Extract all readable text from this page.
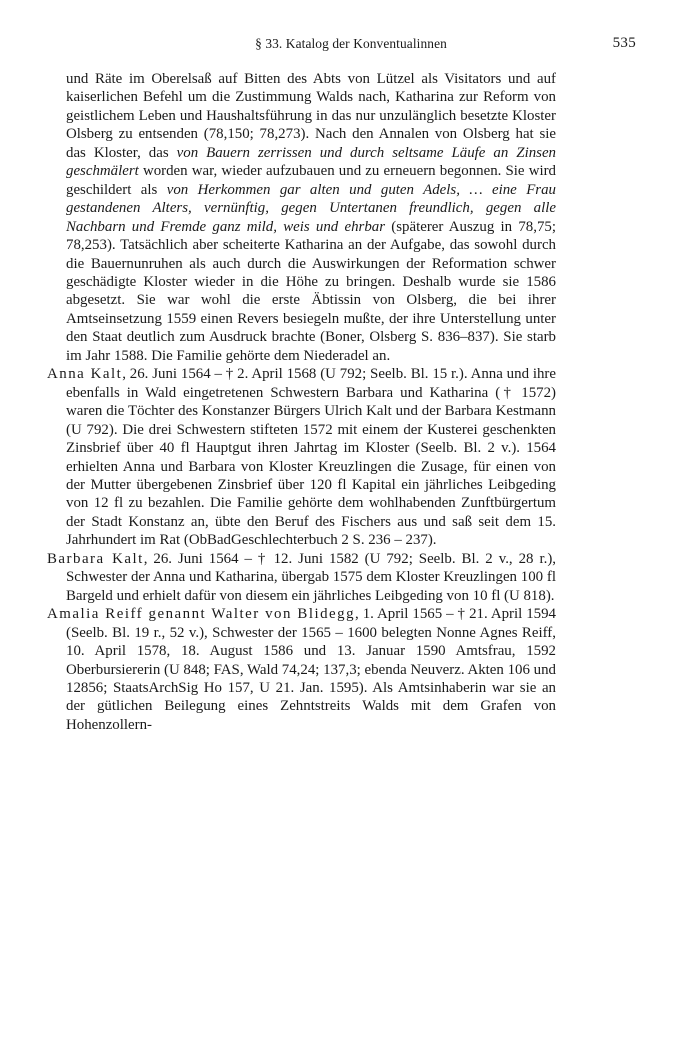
§ 33. Katalog der Konventualinnen	535

und Räte im Oberelsaß auf Bitten des Abts von Lützel als Visitators und auf kaiserlichen Befehl um die Zustimmung Walds nach, Katharina zur Reform von geistlichem Leben und Haushaltsführung in das nur unzulänglich besetzte Kloster Olsberg zu entsenden (78,150; 78,273). Nach den Annalen von Olsberg hat sie das Kloster, das von Bauern zerrissen und durch seltsame Läufe an Zinsen geschmälert worden war, wieder aufzubauen und zu erneuern begonnen. Sie wird geschildert als von Herkommen gar alten und guten Adels, … eine Frau gestandenen Alters, vernünftig, gegen Untertanen freundlich, gegen alle Nachbarn und Fremde ganz mild, weis und ehrbar (späterer Auszug in 78,75; 78,253). Tatsächlich aber scheiterte Katharina an der Aufgabe, das sowohl durch die Bauernunruhen als auch durch die Auswirkungen der Reformation schwer geschädigte Kloster wieder in die Höhe zu bringen. Deshalb wurde sie 1586 abgesetzt. Sie war wohl die erste Äbtissin von Olsberg, die bei ihrer Amtseinsetzung 1559 einen Revers besiegeln mußte, der ihre Unterstellung unter den Staat deutlich zum Ausdruck brachte (Boner, Olsberg S. 836–837). Sie starb im Jahr 1588. Die Familie gehörte dem Niederadel an.

Anna Kalt, 26. Juni 1564 – † 2. April 1568 (U 792; Seelb. Bl. 15 r.). Anna und ihre ebenfalls in Wald eingetretenen Schwestern Barbara und Katharina († 1572) waren die Töchter des Konstanzer Bürgers Ulrich Kalt und der Barbara Kestmann (U 792). Die drei Schwestern stifteten 1572 mit einem der Kusterei geschenkten Zinsbrief über 40 fl Hauptgut ihren Jahrtag im Kloster (Seelb. Bl. 2 v.). 1564 erhielten Anna und Barbara von Kloster Kreuzlingen die Zusage, für einen von der Mutter übergebenen Zinsbrief über 120 fl Kapital ein jährliches Leibgeding von 12 fl zu bezahlen. Die Familie gehörte dem wohlhabenden Zunftbürgertum der Stadt Konstanz an, übte den Beruf des Fischers aus und saß seit dem 15. Jahrhundert im Rat (ObBadGeschlechterbuch 2 S. 236 – 237).

Barbara Kalt, 26. Juni 1564 – † 12. Juni 1582 (U 792; Seelb. Bl. 2 v., 28 r.), Schwester der Anna und Katharina, übergab 1575 dem Kloster Kreuzlingen 100 fl Bargeld und erhielt dafür von diesem ein jährliches Leibgeding von 10 fl (U 818).

Amalia Reiff genannt Walter von Blidegg, 1. April 1565 – † 21. April 1594 (Seelb. Bl. 19 r., 52 v.), Schwester der 1565 – 1600 belegten Nonne Agnes Reiff, 10. April 1578, 18. August 1586 und 13. Januar 1590 Amtsfrau, 1592 Oberbursiererin (U 848; FAS, Wald 74,24; 137,3; ebenda Neuverz. Akten 106 und 12856; StaatsArchSig Ho 157, U 21. Jan. 1595). Als Amtsinhaberin war sie an der gütlichen Beilegung eines Zehntstreits Walds mit dem Grafen von Hohenzollern-
